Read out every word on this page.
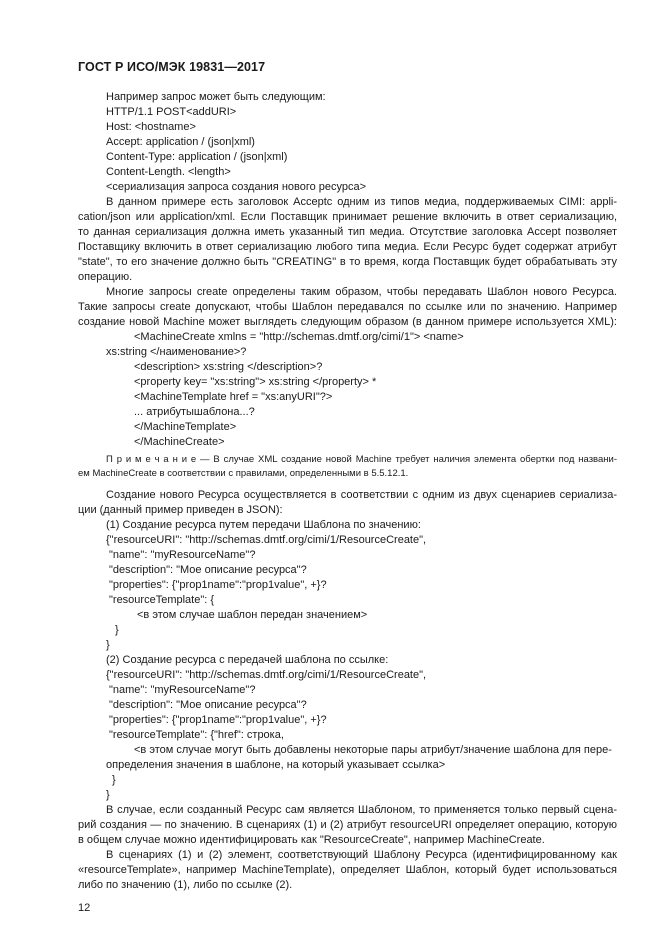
ГОСТ Р ИСО/МЭК 19831—2017
Например запрос может быть следующим:
HTTP/1.1 POST<addURI>
Host: <hostname>
Accept: application / (json|xml)
Content-Type: application / (json|xml)
Content-Length. <length>
<сериализация запроса создания нового ресурса>
В данном примере есть заголовок Acceptc одним из типов медиа, поддерживаемых CIMI: appli-
cation/json или application/xml. Если Поставщик принимает решение включить в ответ сериализацию,
то данная сериализация должна иметь указанный тип медиа. Отсутствие заголовка Accept позволяет
Поставщику включить в ответ сериализацию любого типа медиа. Если Ресурс будет содержат атрибут
"state", то его значение должно быть "CREATING" в то время, когда Поставщик будет обрабатывать эту
операцию.
Многие запросы create определены таким образом, чтобы передавать Шаблон нового Ресурса.
Такие запросы create допускают, чтобы Шаблон передавался по ссылке или по значению. Например
создание новой Machine может выглядеть следующим образом (в данном примере используется XML):
<MachineCreate xmlns = "http://schemas.dmtf.org/cimi/1"> <name>
xs:string </наименование>?
<description> xs:string </description>?
<property key= "xs:string"> xs:string </property> *
<MachineTemplate href = "xs:anyURI"?>
... атрибутышаблона...?
</MachineTemplate>
</MachineCreate>
П р и м е ч а н и е — В случае XML создание новой Machine требует наличия элемента обертки под названи-
ем MachineCreate в соответствии с правилами, определенными в 5.5.12.1.
Создание нового Ресурса осуществляется в соответствии с одним из двух сценариев сериализа-
ции (данный пример приведен в JSON):
(1) Создание ресурса путем передачи Шаблона по значению:
{"resourceURI": "http://schemas.dmtf.org/cimi/1/ResourceCreate",
"name": "myResourceName"?
"description": "Мое описание ресурса"?
"properties": {"prop1name":"prop1value", +}?
"resourceTemplate": {
<в этом случае шаблон передан значением>
}
}
(2) Создание ресурса с передачей шаблона по ссылке:
{"resourceURI": "http://schemas.dmtf.org/cimi/1/ResourceCreate",
"name": "myResourceName"?
"description": "Мое описание ресурса"?
"properties": {"prop1name":"prop1value", +}?
"resourceTemplate": {"href": строка,
<в этом случае могут быть добавлены некоторые пары атрибут/значение шаблона для пере-
определения значения в шаблоне, на который указывает ссылка>
}
}
В случае, если созданный Ресурс сам является Шаблоном, то применяется только первый сцена-
рий создания — по значению. В сценариях (1) и (2) атрибут resourceURI определяет операцию, которую
в общем случае можно идентифицировать как "ResourceCreate", например MachineCreate.
В сценариях (1) и (2) элемент, соответствующий Шаблону Ресурса (идентифицированному как
«resourceTemplate», например MachineTemplate), определяет Шаблон, который будет использоваться
либо по значению (1), либо по ссылке (2).
12
